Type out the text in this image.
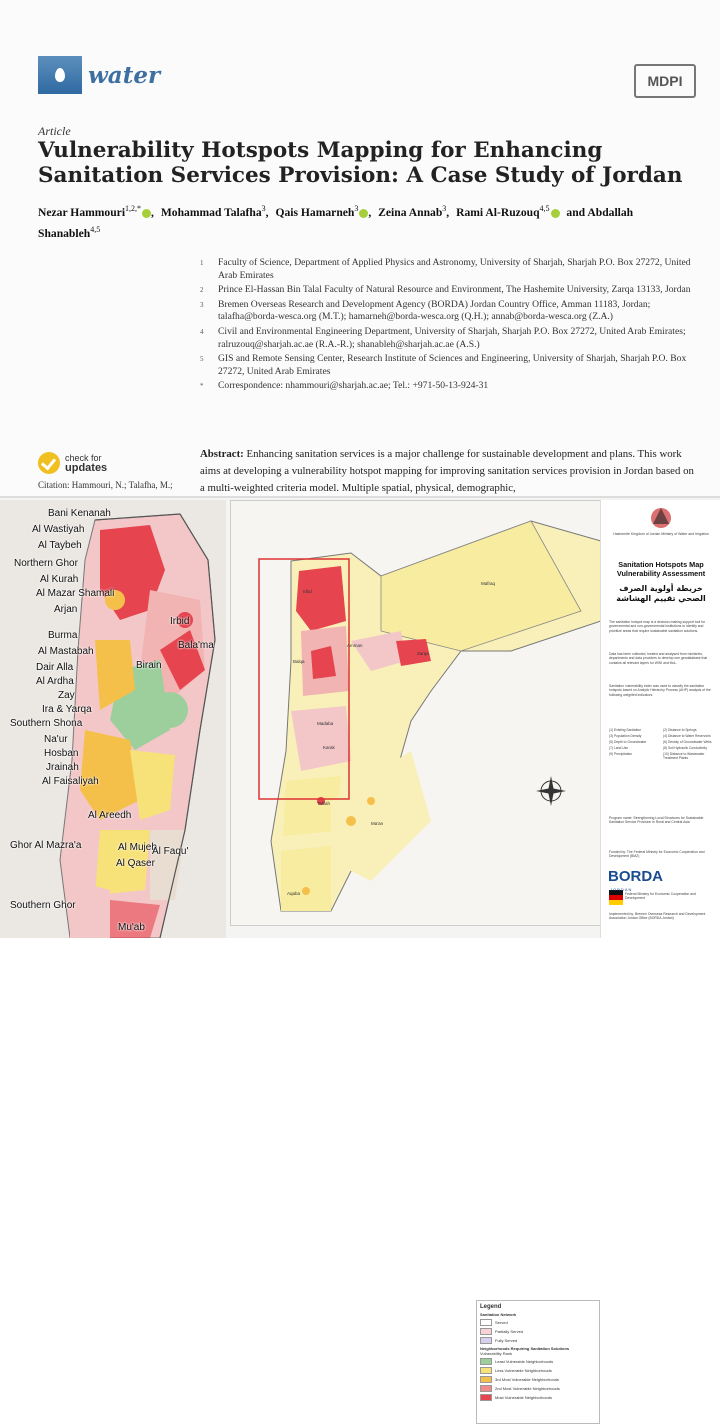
water	MDPI
Article
Vulnerability Hotspots Mapping for Enhancing Sanitation Services Provision: A Case Study of Jordan
Nezar Hammouri$^{1,2,*}$ , Mohammad Talafha$^3$, Qais Hamarneh$^3$ , Zeina Annab$^3$, Rami Al-Ruzouq$^{4,5}$ and Abdallah Shanableh$^{4,5}$
1	Faculty of Science, Department of Applied Physics and Astronomy, University of Sharjah, Sharjah P.O. Box 27272, United Arab Emirates
2	Prince El-Hassan Bin Talal Faculty of Natural Resource and Environment, The Hashemite University, Zarqa 13133, Jordan
3	Bremen Overseas Research and Development Agency (BORDA) Jordan Country Office, Amman 11183, Jordan; talafha@borda-wesca.org (M.T.); hamarneh@borda-wesca.org (Q.H.); annab@borda-wesca.org (Z.A.)
4	Civil and Environmental Engineering Department, University of Sharjah, Sharjah P.O. Box 27272, United Arab Emirates; ralruzouq@sharjah.ac.ae (R.A.-R.); shanableh@sharjah.ac.ae (A.S.)
5	GIS and Remote Sensing Center, Research Institute of Sciences and Engineering, University of Sharjah, Sharjah P.O. Box 27272, United Arab Emirates
*	Correspondence: nhammouri@sharjah.ac.ae; Tel.: +971-50-13-924-31
check for
updates
Citation: Hammouri, N.; Talafha, M.;
Abstract: Enhancing sanitation services is a major challenge for sustainable development and plans. This work aims at developing a vulnerability hotspot mapping for improving sanitation services provision in Jordan based on a multi-weighted criteria model. Multiple spatial, physical, demographic,
Bani Kenanah
Al Wastiyah
Al Taybeh
Northern Ghor
Al Kurah
Al Mazar Shamali
Arjan
Irbid
Bala'ma
Burma
Al Mastabah
Dair Alla
Al Ardha
Zay
Ira & Yarqa
Birain
Southern Shona
Na'ur
Hosban
Jrainah
Al Faisaliyah
Al Areedh
Ghor Al Mazra'a	Al Mujeb
Al Qaser
Al Faqu'
Southern Ghor
Mu'ab
Irbid
Mafraq
Zarqa
Amman
Madaba
Karak
Tafilah
Ma'an
Aqaba
Balqa
Legend
Sanitation Network
Served
Partially Served
Fully Served
Neighborhoods Requiring Sanitation Solutions
Vulnerability Rank
Least Vulnerable Neighborhoods
Less Vulnerable Neighborhoods
3rd Most Vulnerable Neighborhoods
2nd Most Vulnerable Neighborhoods
Most Vulnerable Neighborhoods
Hashemite Kingdom of Jordan Ministry of Water and Irrigation
Sanitation Hotspots Map Vulnerability Assessment
خريطة أولوية الصرف الصحي تقييم الهشاشة
The sanitation hotspot map is a decision-making support tool for governmental and non-governmental institutions to identify and prioritize areas that require sustainable sanitation solutions.
Data has been collected, treated and analysed from ministries, departments and data providers to develop one geodatabase that contains all relevant layers for WWI and MoL.
Sanitation vulnerability index was used to classify the sanitation hotspots based on Analytic Hierarchy Process (AHP) analysis of the following weighted indicators:
(1) Existing Sanitation	(2) Distance to Springs
(3) Population Density	(4) Distance to Water Reservoirs
(5) Depth to Groundwater	(6) Density of Groundwater Wells
(7) Land Use	(8) Soil Hydraulic Conductivity
(9) Precipitation	(10) Distance to Wastewater Treatment Plants
Program name: Strengthening Local Structures for Sustainable Sanitation Service Provision in Rural and Central Asia
Funded by: The Federal Ministry for Economic Cooperation and Development (BMZ)
Federal Ministry for Economic Cooperation and Development
Implemented by: Bremen Overseas Research and Development Association Jordan Office (BORDA Jordan)
BORDA
JORDAN
